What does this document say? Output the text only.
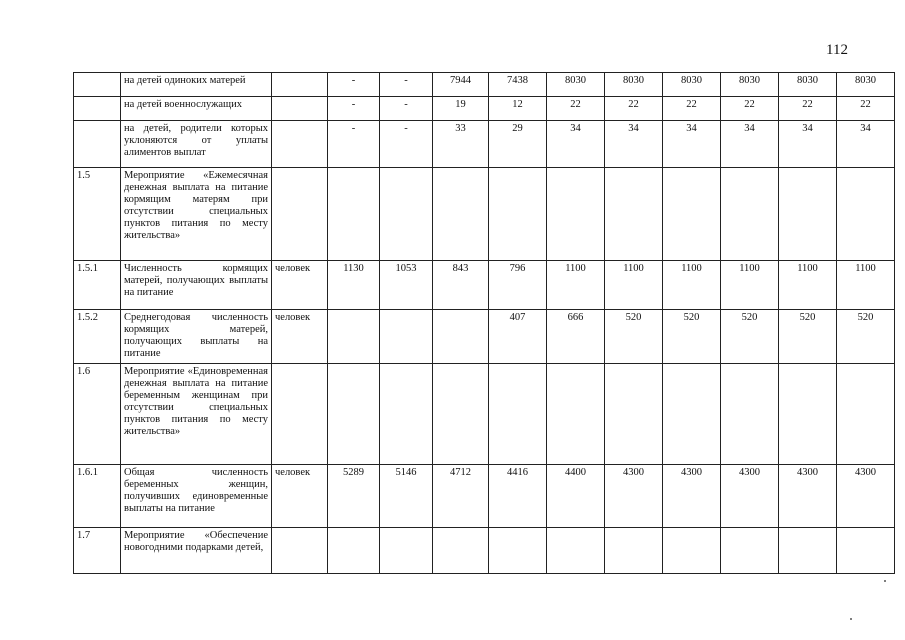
112
	на детей одиноких матерей		-	-	7944	7438	8030	8030	8030	8030	8030	8030
	на детей военнослужащих		-	-	19	12	22	22	22	22	22	22
	на детей, родители которых уклоняются от уплаты алиментов выплат		-	-	33	29	34	34	34	34	34	34
1.5	Мероприятие «Ежемесячная денежная выплата на питание кормящим матерям при отсутствии специальных пунктов питания по месту жительства»											
1.5.1	Численность кормящих матерей, получающих выплаты на питание	человек	1130	1053	843	796	1100	1100	1100	1100	1100	1100
1.5.2	Среднегодовая численность кормящих матерей, получающих выплаты на питание	человек				407	666	520	520	520	520	520
1.6	Мероприятие «Единовременная денежная выплата на питание беременным женщинам при отсутствии специальных пунктов питания по месту жительства»											
1.6.1	Общая численность беременных женщин, получивших единовременные выплаты на питание	человек	5289	5146	4712	4416	4400	4300	4300	4300	4300	4300
1.7	Мероприятие «Обеспечение новогодними подарками детей,											
